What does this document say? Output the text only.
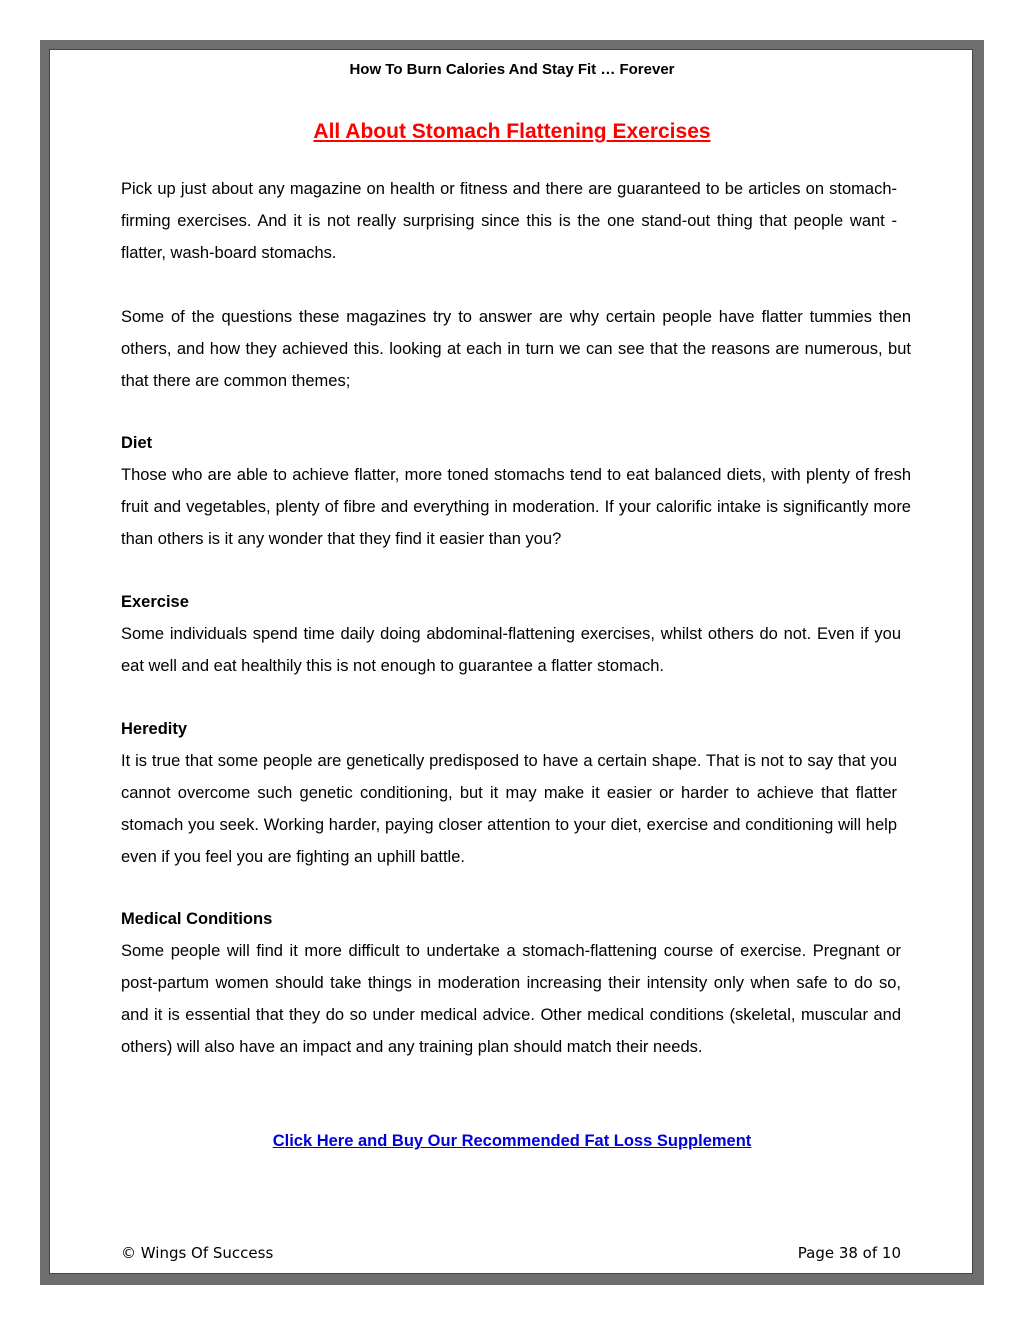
How To Burn Calories And Stay Fit … Forever
All About Stomach Flattening Exercises

Pick up just about any magazine on health or fitness and there are guaranteed to be articles on stomach-firming exercises. And it is not really surprising since this is the one stand-out thing that people want - flatter, wash-board stomachs.

Some of the questions these magazines try to answer are why certain people have flatter tummies then others, and how they achieved this. looking at each in turn we can see that the reasons are numerous, but that there are common themes;

Diet

Those who are able to achieve flatter, more toned stomachs tend to eat balanced diets, with plenty of fresh fruit and vegetables, plenty of fibre and everything in moderation. If your calorific intake is significantly more than others is it any wonder that they find it easier than you?

Exercise

Some individuals spend time daily doing abdominal-flattening exercises, whilst others do not. Even if you eat well and eat healthily this is not enough to guarantee a flatter stomach.

Heredity

It is true that some people are genetically predisposed to have a certain shape. That is not to say that you cannot overcome such genetic conditioning, but it may make it easier or harder to achieve that flatter stomach you seek. Working harder, paying closer attention to your diet, exercise and conditioning will help even if you feel you are fighting an uphill battle.

Medical Conditions

Some people will find it more difficult to undertake a stomach-flattening course of exercise. Pregnant or post-partum women should take things in moderation increasing their intensity only when safe to do so, and it is essential that they do so under medical advice. Other medical conditions (skeletal, muscular and others) will also have an impact and any training plan should match their needs.

Click Here and Buy Our Recommended Fat Loss Supplement
© Wings Of Success	Page 38 of 10
